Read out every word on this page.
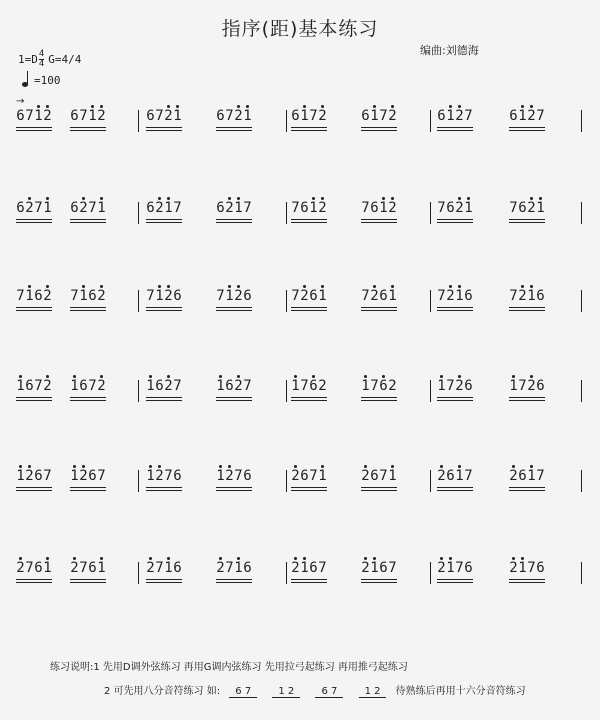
指序(距)基本练习
编曲:刘德海
1=D 4
4 G=4/4
=100
→
6 7 1 2 6 7 1 2	6 7 2 1 6 7 2 1	6 1 7 2 6 1 7 2	6 1 2 7	6 1 2 7
6 2 7 1 6 2 7 1	6 2 1 7 6 2 1 7	7 6 1 2 7 6 1 2	7 6 2 1	7 6 2 1
7 1 6 2 7 1 6 2	7 1 2 6 7 1 2 6	7 2 6 1 7 2 6 1	7 2 1 6	7 2 1 6
1 6 7 2 1 6 7 2	1 6 2 7 1 6 2 7	1 7 6 2 1 7 6 2	1 7 2 6	1 7 2 6
1 2 6 7 1 2 6 7	1 2 7 6 1 2 7 6	2 6 7 1 2 6 7 1	2 6 1 7	2 6 1 7
2 7 6 1 2 7 6 1	2 7 1 6 2 7 1 6	2 1 6 7 2 1 6 7	2 1 7 6	2 1 7 6
练习说明:1 先用D调外弦练习 再用G调内弦练习 先用拉弓起练习 再用推弓起练习
2 可先用八分音符练习 如: 6 7	1 2	6 7	1 2 待熟练后再用十六分音符练习
